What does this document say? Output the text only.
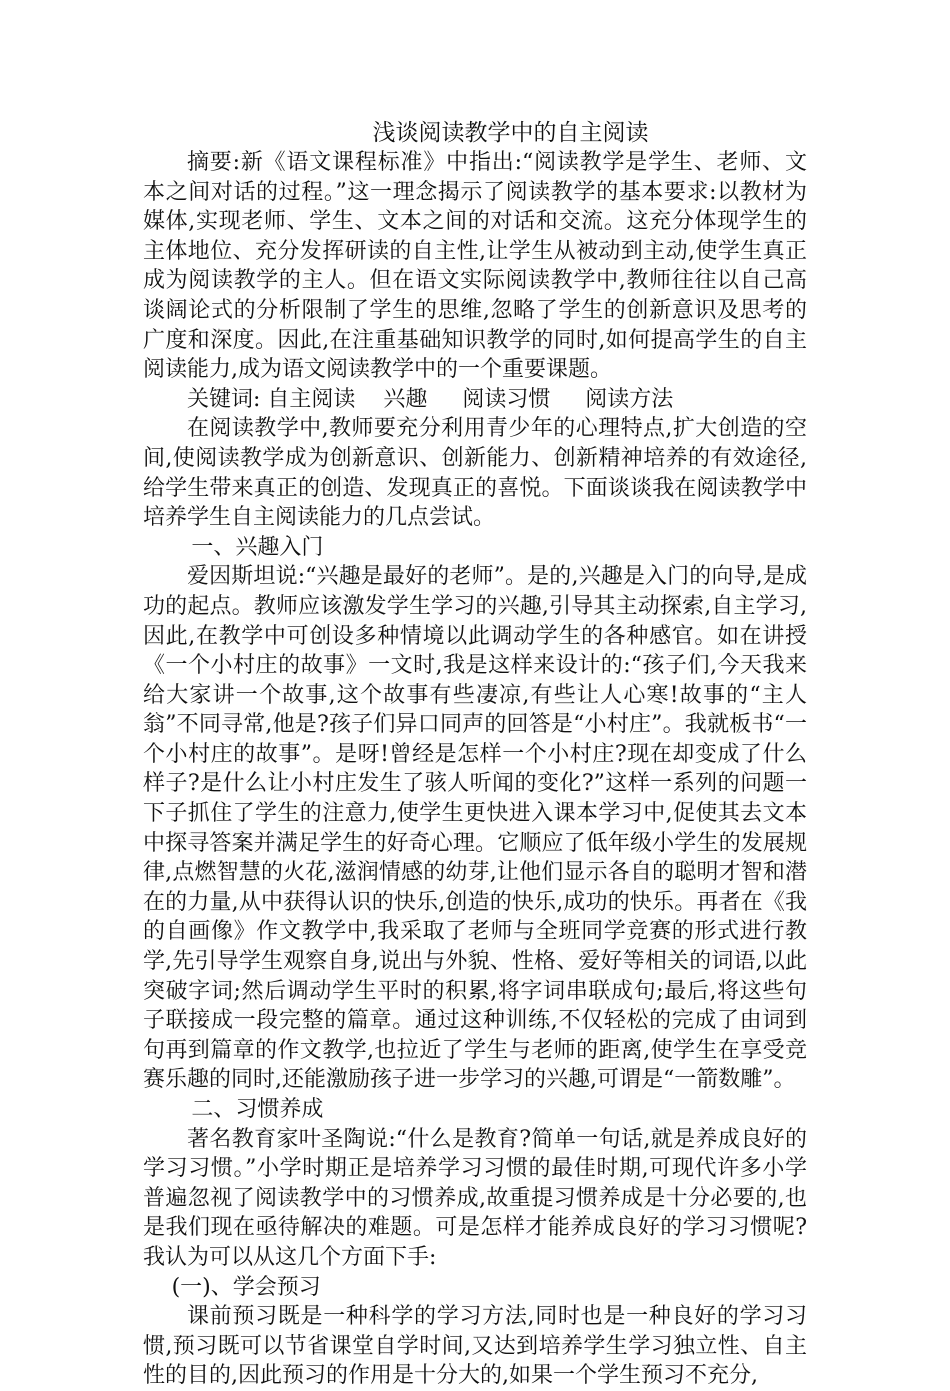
浅谈阅读教学中的自主阅读

摘要:新《语文课程标准》中指出:“阅读教学是学生、老师、文本之间对话的过程。”这一理念揭示了阅读教学的基本要求:以教材为媒体,实现老师、学生、文本之间的对话和交流。这充分体现学生的主体地位、充分发挥研读的自主性,让学生从被动到主动,使学生真正成为阅读教学的主人。但在语文实际阅读教学中,教师往往以自己高谈阔论式的分析限制了学生的思维,忽略了学生的创新意识及思考的广度和深度。因此,在注重基础知识教学的同时,如何提高学生的自主阅读能力,成为语文阅读教学中的一个重要课题。

关键词: 自主阅读    兴趣     阅读习惯     阅读方法

在阅读教学中,教师要充分利用青少年的心理特点,扩大创造的空间,使阅读教学成为创新意识、创新能力、创新精神培养的有效途径,给学生带来真正的创造、发现真正的喜悦。下面谈谈我在阅读教学中培养学生自主阅读能力的几点尝试。

一、兴趣入门

爱因斯坦说:“兴趣是最好的老师”。是的,兴趣是入门的向导,是成功的起点。教师应该激发学生学习的兴趣,引导其主动探索,自主学习,因此,在教学中可创设多种情境以此调动学生的各种感官。如在讲授《一个小村庄的故事》一文时,我是这样来设计的:“孩子们,今天我来给大家讲一个故事,这个故事有些凄凉,有些让人心寒!故事的“主人翁”不同寻常,他是?孩子们异口同声的回答是“小村庄”。我就板书“一个小村庄的故事”。是呀!曾经是怎样一个小村庄?现在却变成了什么样子?是什么让小村庄发生了骇人听闻的变化?”这样一系列的问题一下子抓住了学生的注意力,使学生更快进入课本学习中,促使其去文本中探寻答案并满足学生的好奇心理。它顺应了低年级小学生的发展规律,点燃智慧的火花,滋润情感的幼芽,让他们显示各自的聪明才智和潜在的力量,从中获得认识的快乐,创造的快乐,成功的快乐。再者在《我的自画像》作文教学中,我采取了老师与全班同学竞赛的形式进行教学,先引导学生观察自身,说出与外貌、性格、爱好等相关的词语,以此突破字词;然后调动学生平时的积累,将字词串联成句;最后,将这些句子联接成一段完整的篇章。通过这种训练,不仅轻松的完成了由词到句再到篇章的作文教学,也拉近了学生与老师的距离,使学生在享受竞赛乐趣的同时,还能激励孩子进一步学习的兴趣,可谓是“一箭数雕”。

二、习惯养成

著名教育家叶圣陶说:“什么是教育?简单一句话,就是养成良好的学习习惯。”小学时期正是培养学习习惯的最佳时期,可现代许多小学普遍忽视了阅读教学中的习惯养成,故重提习惯养成是十分必要的,也是我们现在亟待解决的难题。可是怎样才能养成良好的学习习惯呢?我认为可以从这几个方面下手:

(一)、学会预习

课前预习既是一种科学的学习方法,同时也是一种良好的学习习惯,预习既可以节省课堂自学时间,又达到培养学生学习独立性、自主性的目的,因此预习的作用是十分大的,如果一个学生预习不充分,
